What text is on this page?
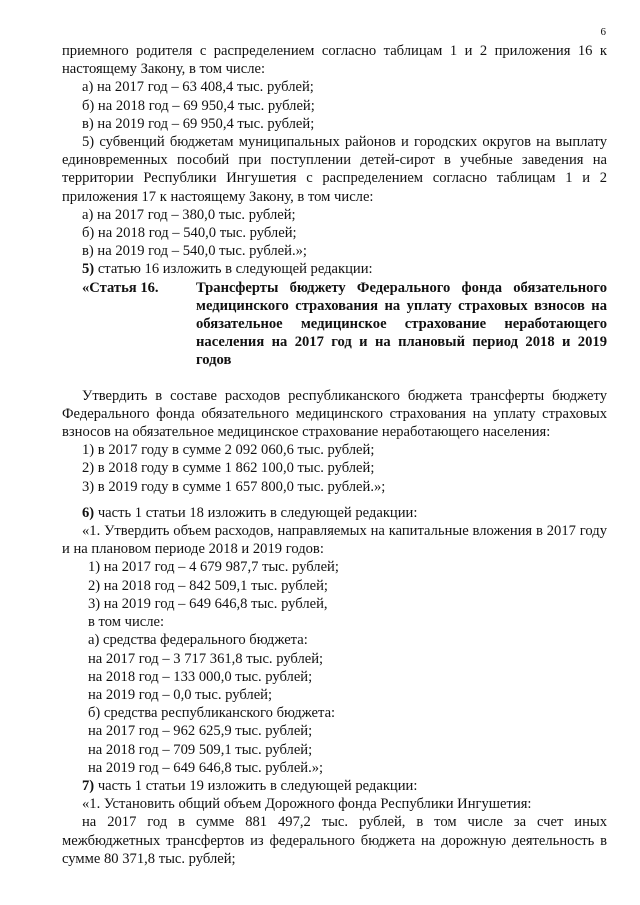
6

приемного родителя с распределением согласно таблицам 1 и 2 приложения 16 к настоящему Закону, в том числе:

а) на 2017 год – 63 408,4 тыс. рублей;

б) на 2018 год – 69 950,4 тыс. рублей;

в) на 2019 год – 69 950,4 тыс. рублей;

5) субвенций бюджетам муниципальных районов и городских округов на выплату единовременных пособий при поступлении детей-сирот в учебные заведения на территории Республики Ингушетия с распределением согласно таблицам 1 и 2 приложения 17 к настоящему Закону, в том числе:

а) на 2017 год – 380,0 тыс. рублей;

б) на 2018 год – 540,0 тыс. рублей;

в) на 2019 год – 540,0 тыс. рублей.»;

5) статью 16 изложить в следующей редакции:

«Статья 16.	Трансферты бюджету Федерального фонда обязательного медицинского страхования на уплату страховых взносов на обязательное медицинское страхование неработающего населения на 2017 год и на плановый период 2018 и 2019 годов

Утвердить в составе расходов республиканского бюджета трансферты бюджету Федерального фонда обязательного медицинского страхования на уплату страховых взносов на обязательное медицинское страхование неработающего населения:

1) в 2017 году в сумме 2 092 060,6 тыс. рублей;

2) в 2018 году в сумме 1 862 100,0 тыс. рублей;

3) в 2019 году в сумме 1 657 800,0 тыс. рублей.»;

6) часть 1 статьи 18 изложить в следующей редакции:

«1. Утвердить объем расходов, направляемых на капитальные вложения в 2017 году и на плановом периоде 2018 и 2019 годов:

1) на 2017 год – 4 679 987,7 тыс. рублей;

2) на 2018 год – 842 509,1 тыс. рублей;

3) на 2019 год – 649 646,8 тыс. рублей,

в том числе:

а) средства федерального бюджета:

на 2017 год – 3 717 361,8 тыс. рублей;

на 2018 год – 133 000,0 тыс. рублей;

на 2019 год – 0,0 тыс. рублей;

б) средства республиканского бюджета:

на 2017 год – 962 625,9 тыс. рублей;

на 2018 год – 709 509,1 тыс. рублей;

на 2019 год – 649 646,8 тыс. рублей.»;

7) часть 1 статьи 19 изложить в следующей редакции:

«1. Установить общий объем Дорожного фонда Республики Ингушетия:

на 2017 год в сумме 881 497,2 тыс. рублей, в том числе за счет иных межбюджетных трансфертов из федерального бюджета на дорожную деятельность в сумме 80 371,8 тыс. рублей;
